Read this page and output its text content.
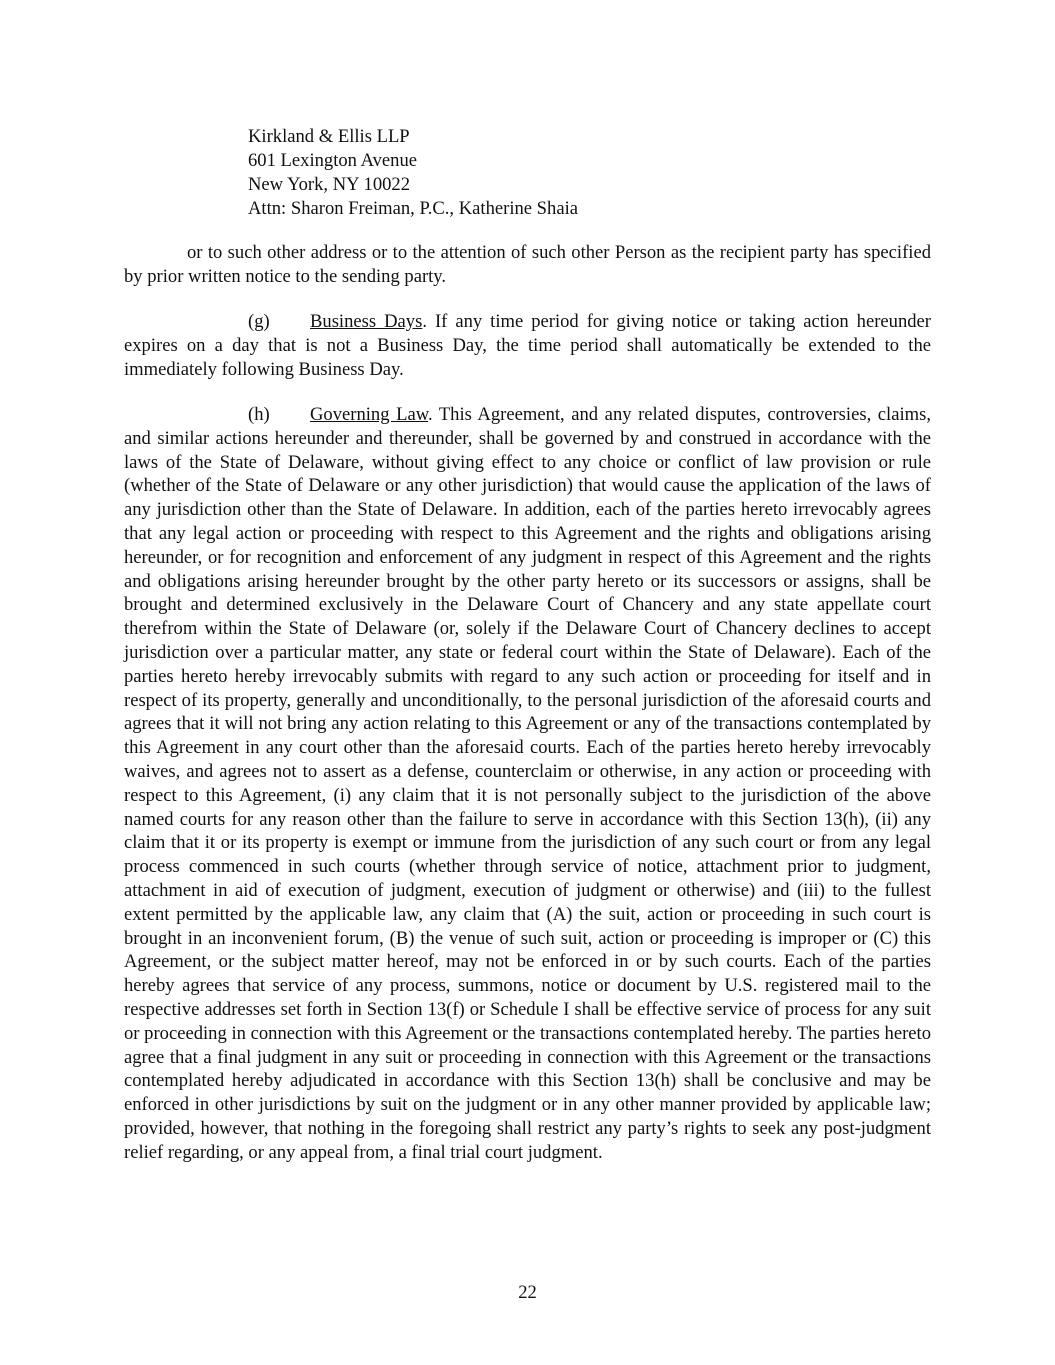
Kirkland & Ellis LLP
601 Lexington Avenue
New York, NY 10022
Attn: Sharon Freiman, P.C., Katherine Shaia

or to such other address or to the attention of such other Person as the recipient party has specified by prior written notice to the sending party.

(g) Business Days. If any time period for giving notice or taking action hereunder expires on a day that is not a Business Day, the time period shall automatically be extended to the immediately following Business Day.

(h) Governing Law. This Agreement, and any related disputes, controversies, claims, and similar actions hereunder and thereunder, shall be governed by and construed in accordance with the laws of the State of Delaware, without giving effect to any choice or conflict of law provision or rule (whether of the State of Delaware or any other jurisdiction) that would cause the application of the laws of any jurisdiction other than the State of Delaware. In addition, each of the parties hereto irrevocably agrees that any legal action or proceeding with respect to this Agreement and the rights and obligations arising hereunder, or for recognition and enforcement of any judgment in respect of this Agreement and the rights and obligations arising hereunder brought by the other party hereto or its successors or assigns, shall be brought and determined exclusively in the Delaware Court of Chancery and any state appellate court therefrom within the State of Delaware (or, solely if the Delaware Court of Chancery declines to accept jurisdiction over a particular matter, any state or federal court within the State of Delaware). Each of the parties hereto hereby irrevocably submits with regard to any such action or proceeding for itself and in respect of its property, generally and unconditionally, to the personal jurisdiction of the aforesaid courts and agrees that it will not bring any action relating to this Agreement or any of the transactions contemplated by this Agreement in any court other than the aforesaid courts. Each of the parties hereto hereby irrevocably waives, and agrees not to assert as a defense, counterclaim or otherwise, in any action or proceeding with respect to this Agreement, (i) any claim that it is not personally subject to the jurisdiction of the above named courts for any reason other than the failure to serve in accordance with this Section 13(h), (ii) any claim that it or its property is exempt or immune from the jurisdiction of any such court or from any legal process commenced in such courts (whether through service of notice, attachment prior to judgment, attachment in aid of execution of judgment, execution of judgment or otherwise) and (iii) to the fullest extent permitted by the applicable law, any claim that (A) the suit, action or proceeding in such court is brought in an inconvenient forum, (B) the venue of such suit, action or proceeding is improper or (C) this Agreement, or the subject matter hereof, may not be enforced in or by such courts. Each of the parties hereby agrees that service of any process, summons, notice or document by U.S. registered mail to the respective addresses set forth in Section 13(f) or Schedule I shall be effective service of process for any suit or proceeding in connection with this Agreement or the transactions contemplated hereby. The parties hereto agree that a final judgment in any suit or proceeding in connection with this Agreement or the transactions contemplated hereby adjudicated in accordance with this Section 13(h) shall be conclusive and may be enforced in other jurisdictions by suit on the judgment or in any other manner provided by applicable law; provided, however, that nothing in the foregoing shall restrict any party’s rights to seek any post-judgment relief regarding, or any appeal from, a final trial court judgment.

22
